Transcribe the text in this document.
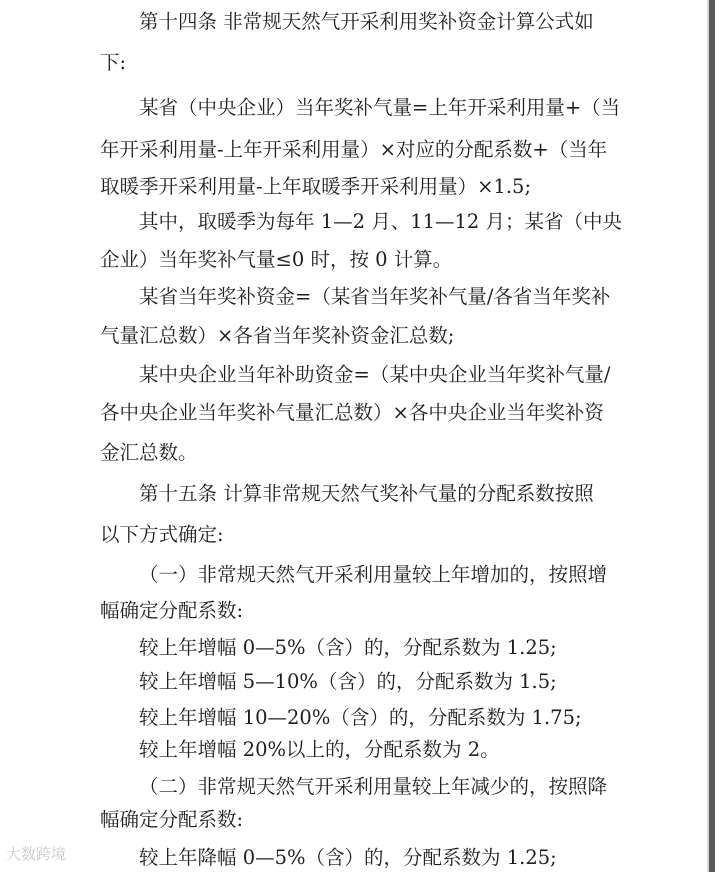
第十四条 非常规天然气开采利用奖补资金计算公式如
下:
某省（中央企业）当年奖补气量=上年开采利用量+（当
年开采利用量-上年开采利用量）×对应的分配系数+（当年
取暖季开采利用量-上年取暖季开采利用量）×1.5;
其中，取暖季为每年 1—2 月、11—12 月；某省（中央
企业）当年奖补气量≤0 时，按 0 计算。
某省当年奖补资金=（某省当年奖补气量/各省当年奖补
气量汇总数）×各省当年奖补资金汇总数;
某中央企业当年补助资金=（某中央企业当年奖补气量/
各中央企业当年奖补气量汇总数）×各中央企业当年奖补资
金汇总数。
第十五条 计算非常规天然气奖补气量的分配系数按照
以下方式确定:
（一）非常规天然气开采利用量较上年增加的，按照增
幅确定分配系数:
较上年增幅 0—5%（含）的，分配系数为 1.25;
较上年增幅 5—10%（含）的，分配系数为 1.5;
较上年增幅 10—20%（含）的，分配系数为 1.75;
较上年增幅 20%以上的，分配系数为 2。
（二）非常规天然气开采利用量较上年减少的，按照降
幅确定分配系数:
较上年降幅 0—5%（含）的，分配系数为 1.25;
大数跨境
